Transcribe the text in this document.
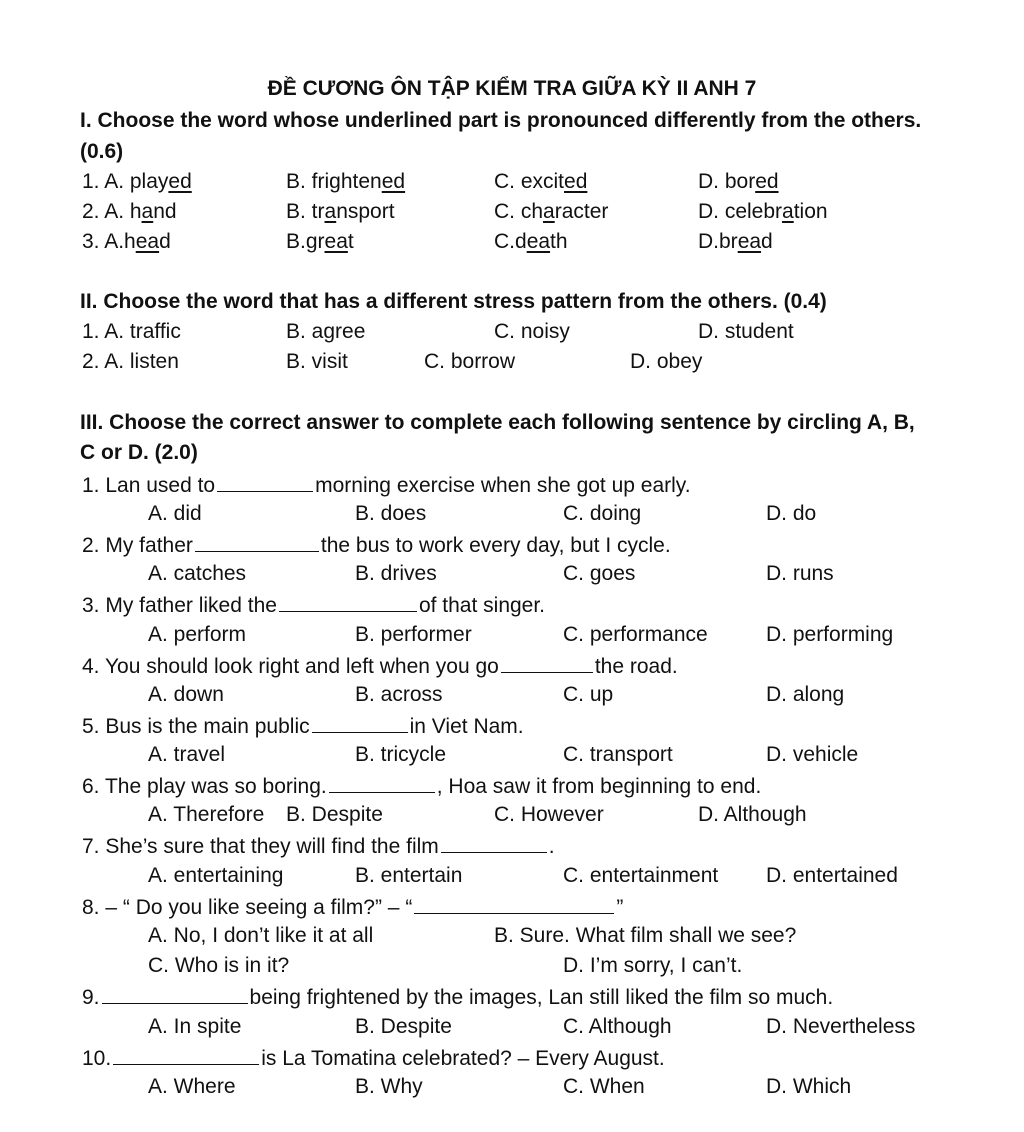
ĐỀ CƯƠNG ÔN TẬP KIỂM TRA GIỮA KỲ II ANH 7
I. Choose the word whose underlined part is pronounced differently from the others.
(0.6)
1. A. played	B. frightened	C. excited	D. bored
2. A. hand	B. transport	C. character	D. celebration
3. A.head	B.great	C.death	D.bread
II. Choose the word that has a different stress pattern from the others. (0.4)
1. A. traffic	B. agree	C. noisy	D. student
2. A. listen	B. visit	C. borrow	D. obey
III. Choose the correct answer to complete each following sentence by circling A, B,
C or D. (2.0)
1. Lan used to	morning exercise when she got up early.
A. did	B. does	C. doing	D. do
2. My father	the bus to work every day, but I cycle.
A. catches	B. drives	C. goes	D. runs
3. My father liked the	of that singer.
A. perform	B. performer	C. performance	D. performing
4. You should look right and left when you go	the road.
A. down	B. across	C. up	D. along
5. Bus is the main public	in Viet Nam.
A. travel	B. tricycle	C. transport	D. vehicle
6. The play was so boring.	, Hoa saw it from beginning to end.
A. Therefore B. Despite	C. However	D. Although
7. She’s sure that they will find the film	.
A. entertaining	B. entertain	C. entertainment D. entertained
8. – “ Do you like seeing a film?” – “	”
A. No, I don’t like it at all	B. Sure. What film shall we see?
C. Who is in it?	D. I’m sorry, I can’t.
9.	being frightened by the images, Lan still liked the film so much.
A. In spite	B. Despite	C. Although	D. Nevertheless
10.	is La Tomatina celebrated? – Every August.
A. Where	B. Why	C. When	D. Which
